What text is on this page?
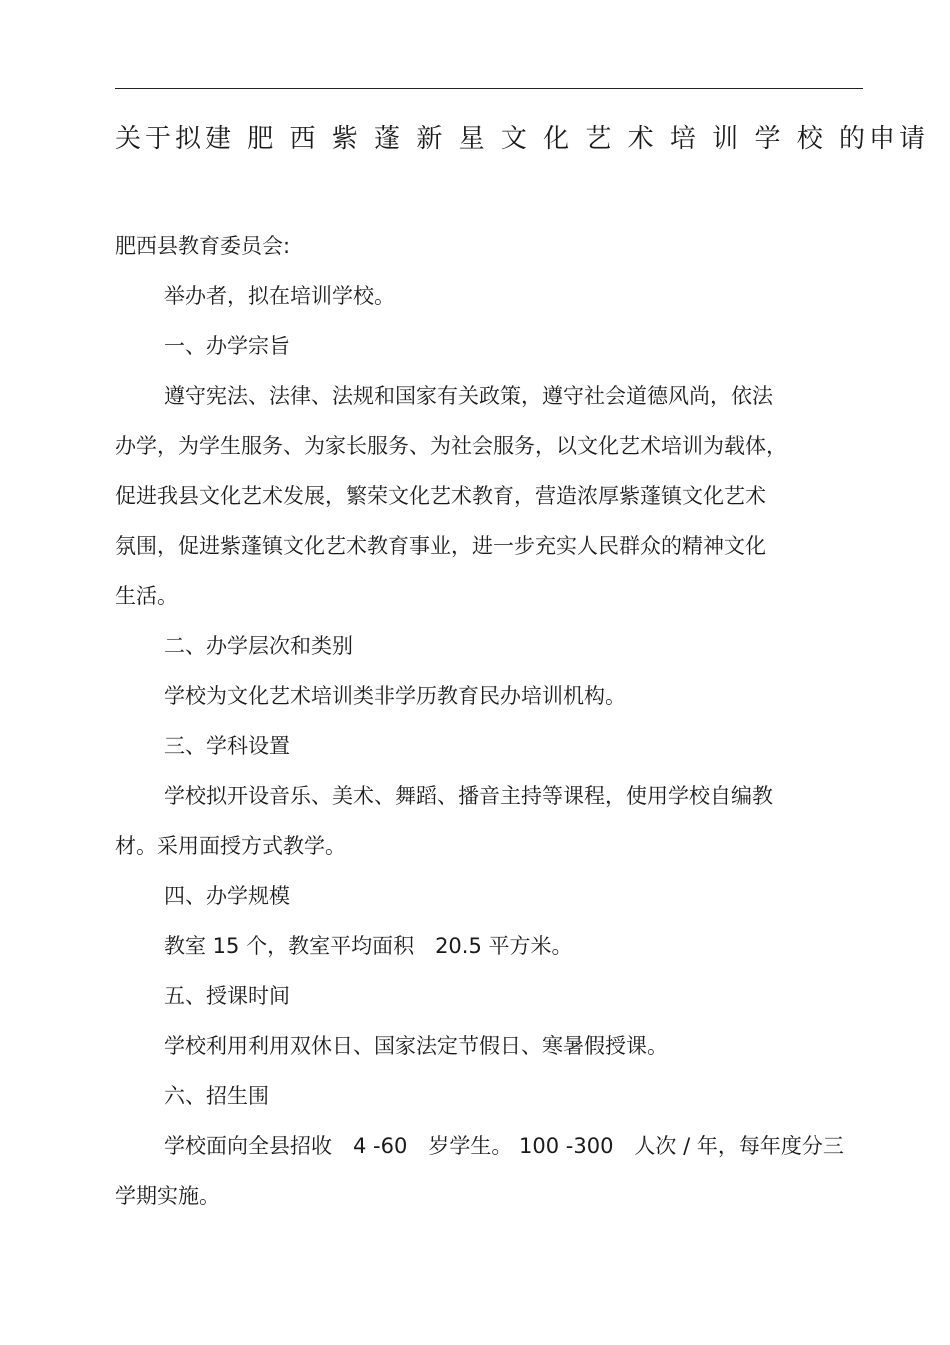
关于拟建 肥 西 紫 蓬 新 星 文 化 艺 术 培 训 学 校 的申请
肥西县教育委员会:
举办者，拟在培训学校。
一、办学宗旨
遵守宪法、法律、法规和国家有关政策，遵守社会道德风尚，依法
办学，为学生服务、为家长服务、为社会服务，以文化艺术培训为载体，
促进我县文化艺术发展，繁荣文化艺术教育，营造浓厚紫蓬镇文化艺术
氛围，促进紫蓬镇文化艺术教育事业，进一步充实人民群众的精神文化
生活。
二、办学层次和类别
学校为文化艺术培训类非学历教育民办培训机构。
三、学科设置
学校拟开设音乐、美术、舞蹈、播音主持等课程，使用学校自编教
材。采用面授方式教学。
四、办学规模
教室 15 个，教室平均面积　20.5 平方米。
五、授课时间
学校利用利用双休日、国家法定节假日、寒暑假授课。
六、招生围
学校面向全县招收　4 -60　岁学生。 100 -300　人次 / 年，每年度分三
学期实施。
